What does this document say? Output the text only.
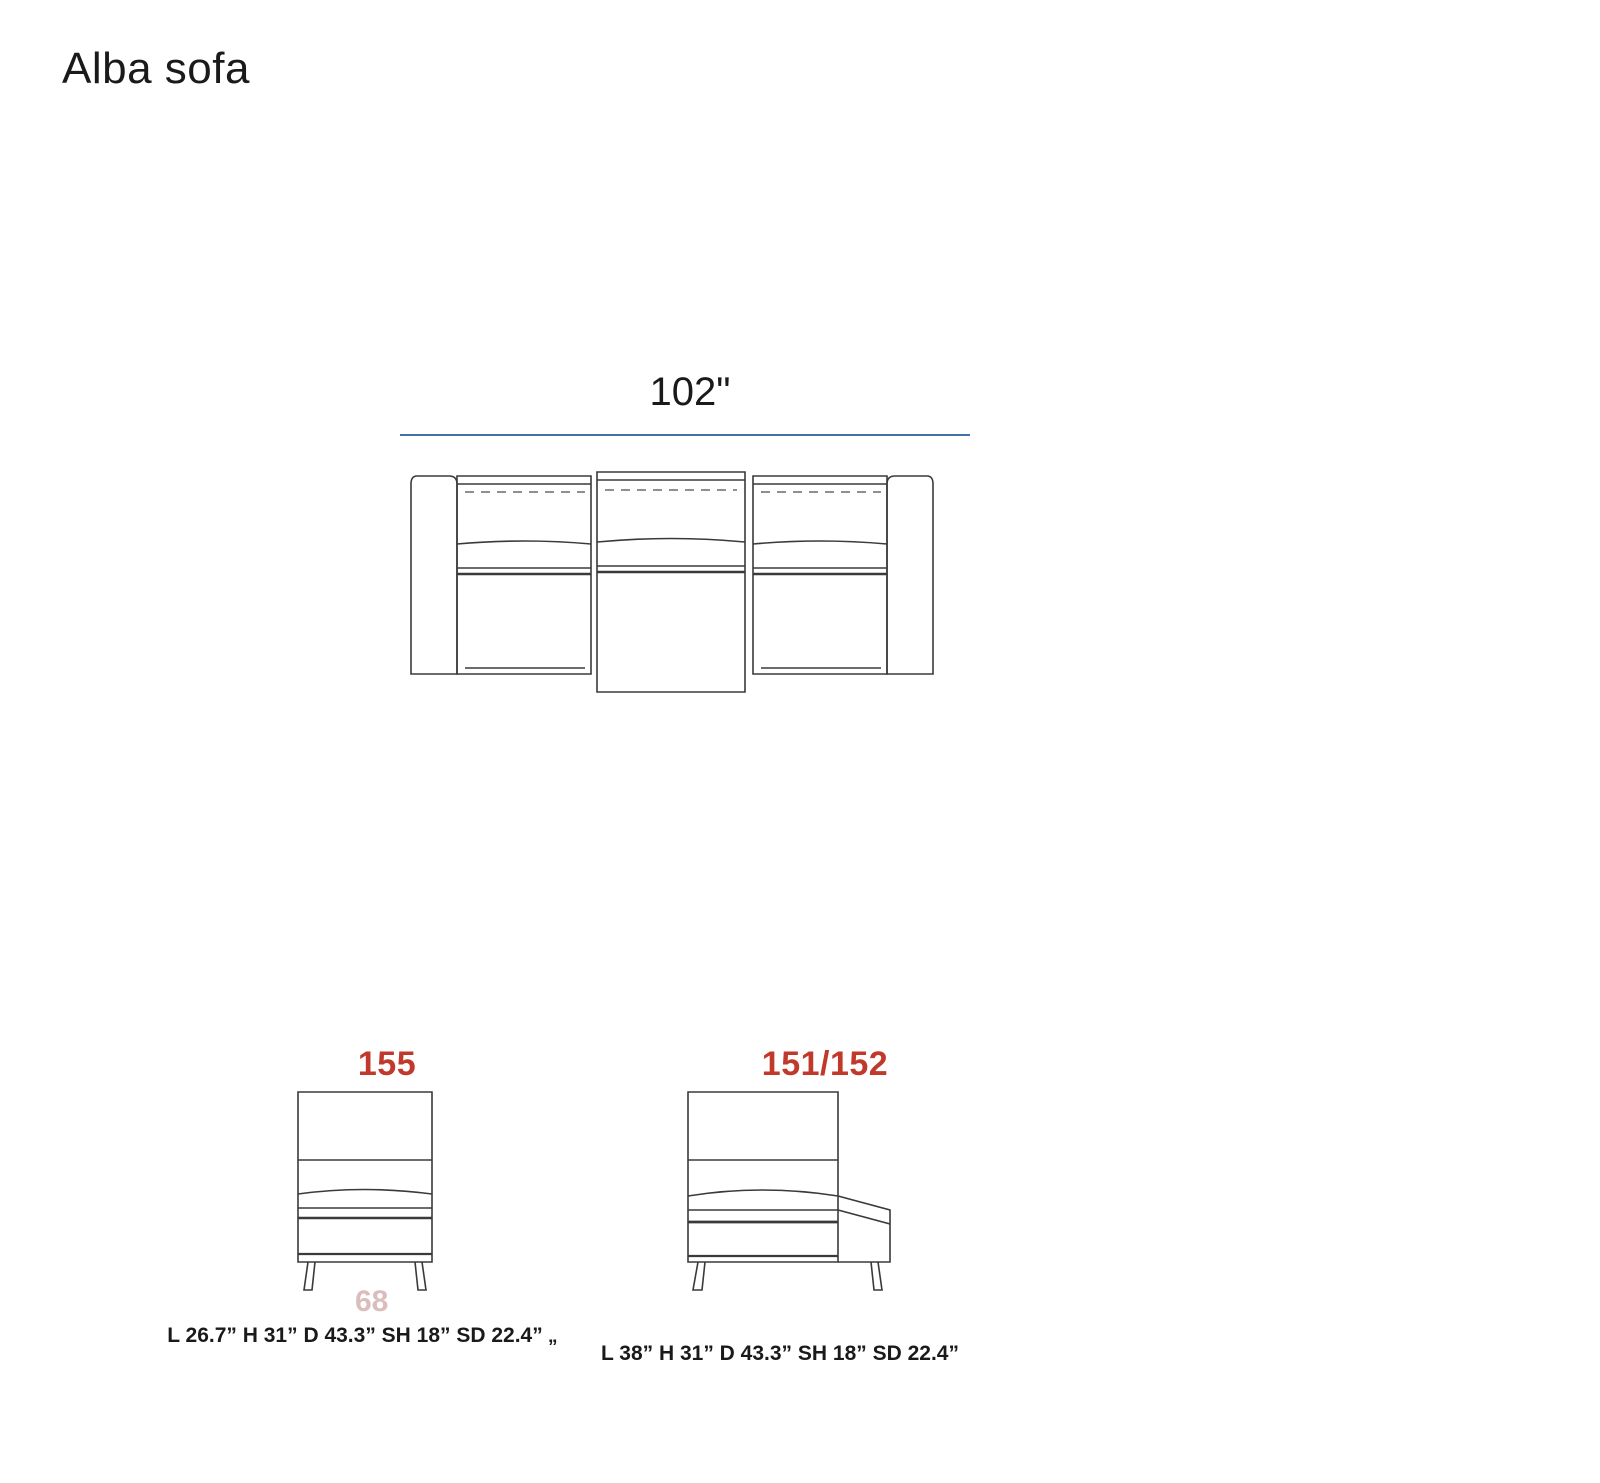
Alba sofa
102"
155
68
L 26.7” H 31” D 43.3” SH 18” SD 22.4”
151/152
”	L 38” H 31” D 43.3” SH 18” SD 22.4”
